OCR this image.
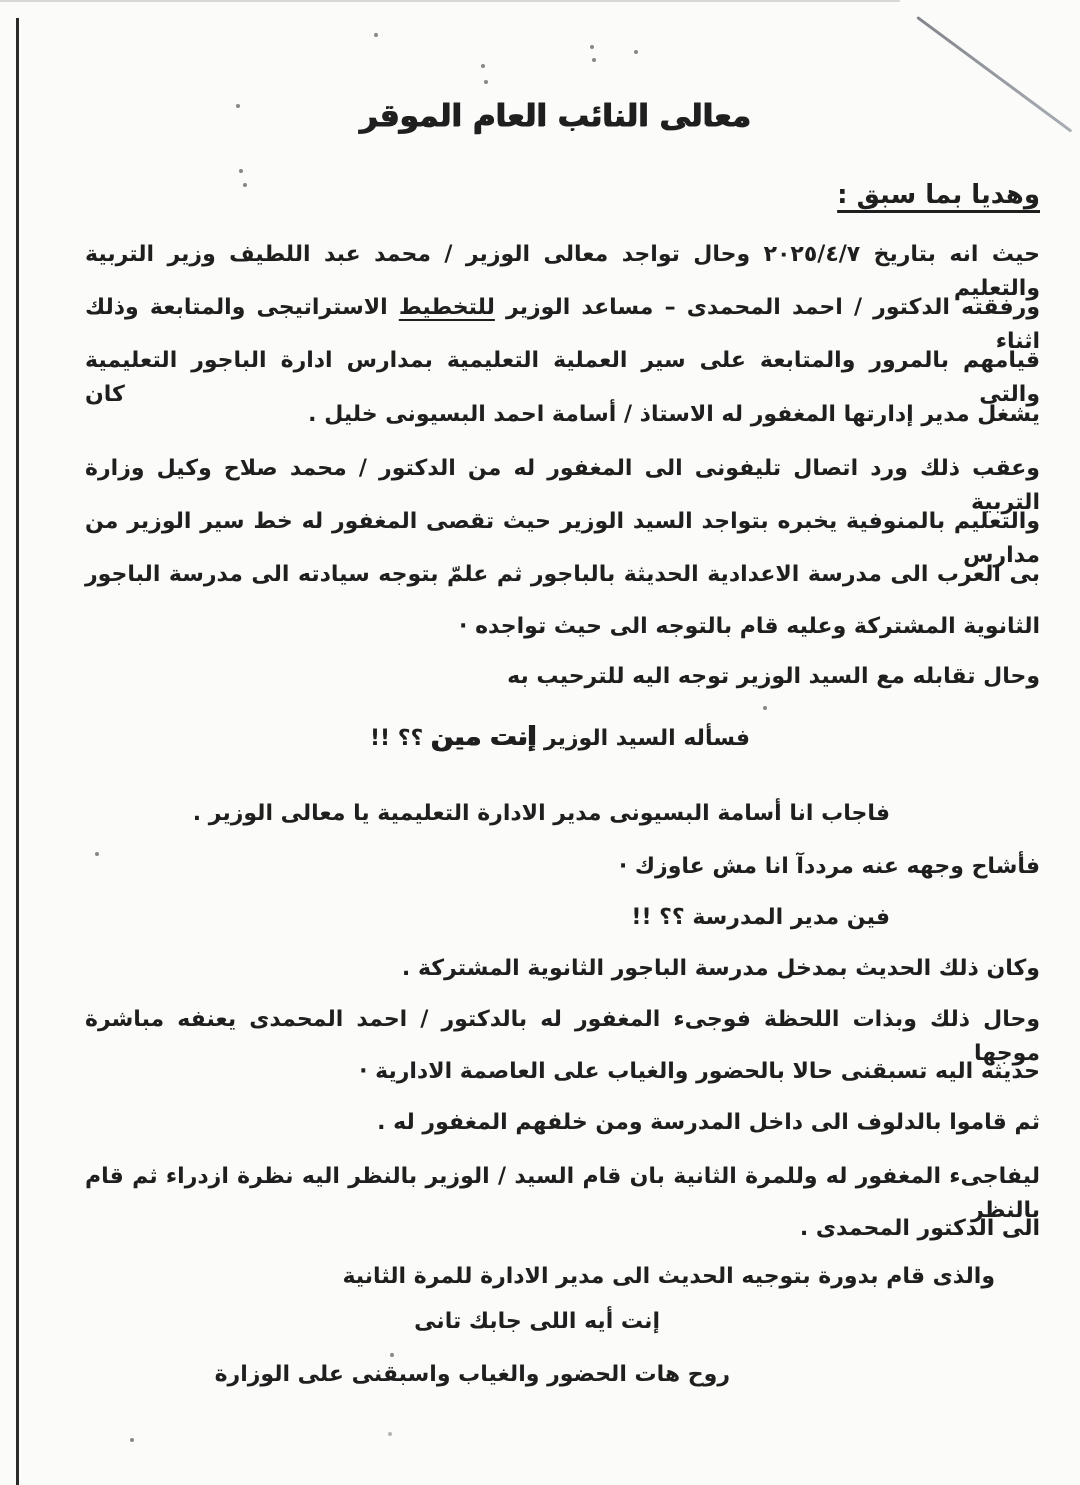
معالى النائب العام الموقر
وهديا بما سبق :
حيث انه بتاريخ ٢٠٢٥/٤/٧ وحال تواجد معالى الوزير / محمد عبد اللطيف وزير التربية والتعليم
ورفقته الدكتور / احمد المحمدى – مساعد الوزير للتخطيط الاستراتيجى والمتابعة وذلك اثناء
قيامهم بالمرور والمتابعة على سير العملية التعليمية بمدارس ادارة الباجور التعليمية والتى كان
يشغل مدير إدارتها المغفور له الاستاذ / أسامة احمد البسيونى خليل .
وعقب ذلك ورد اتصال تليفونى الى المغفور له من الدكتور / محمد صلاح وكيل وزارة التربية
والتعليم بالمنوفية يخبره بتواجد السيد الوزير حيث تقصى المغفور له خط سير الوزير من مدارس
بى العرب الى مدرسة الاعدادية الحديثة بالباجور ثم علمّ بتوجه سيادته الى مدرسة الباجور
الثانوية المشتركة وعليه قام بالتوجه الى حيث تواجده ·
وحال تقابله مع السيد الوزير توجه اليه للترحيب به
فسأله السيد الوزير إنت مين ؟؟ !!
فاجاب انا أسامة البسيونى مدير الادارة التعليمية يا معالى الوزير .
فأشاح وجهه عنه مرددآ انا مش عاوزك ·
فين مدير المدرسة ؟؟ !!
وكان ذلك الحديث بمدخل مدرسة الباجور الثانوية المشتركة .
وحال ذلك وبذات اللحظة فوجىء المغفور له بالدكتور / احمد المحمدى يعنفه مباشرة موجها
حديثه اليه تسبقنى حالا بالحضور والغياب على العاصمة الادارية ·
ثم قاموا بالدلوف الى داخل المدرسة ومن خلفهم المغفور له .
ليفاجىء المغفور له وللمرة الثانية بان قام السيد / الوزير بالنظر اليه نظرة ازدراء ثم قام بالنظر
الى الدكتور المحمدى .
والذى قام بدورة بتوجيه الحديث الى مدير الادارة للمرة الثانية
إنت أيه اللى جابك تانى
روح هات الحضور والغياب واسبقنى على الوزارة
